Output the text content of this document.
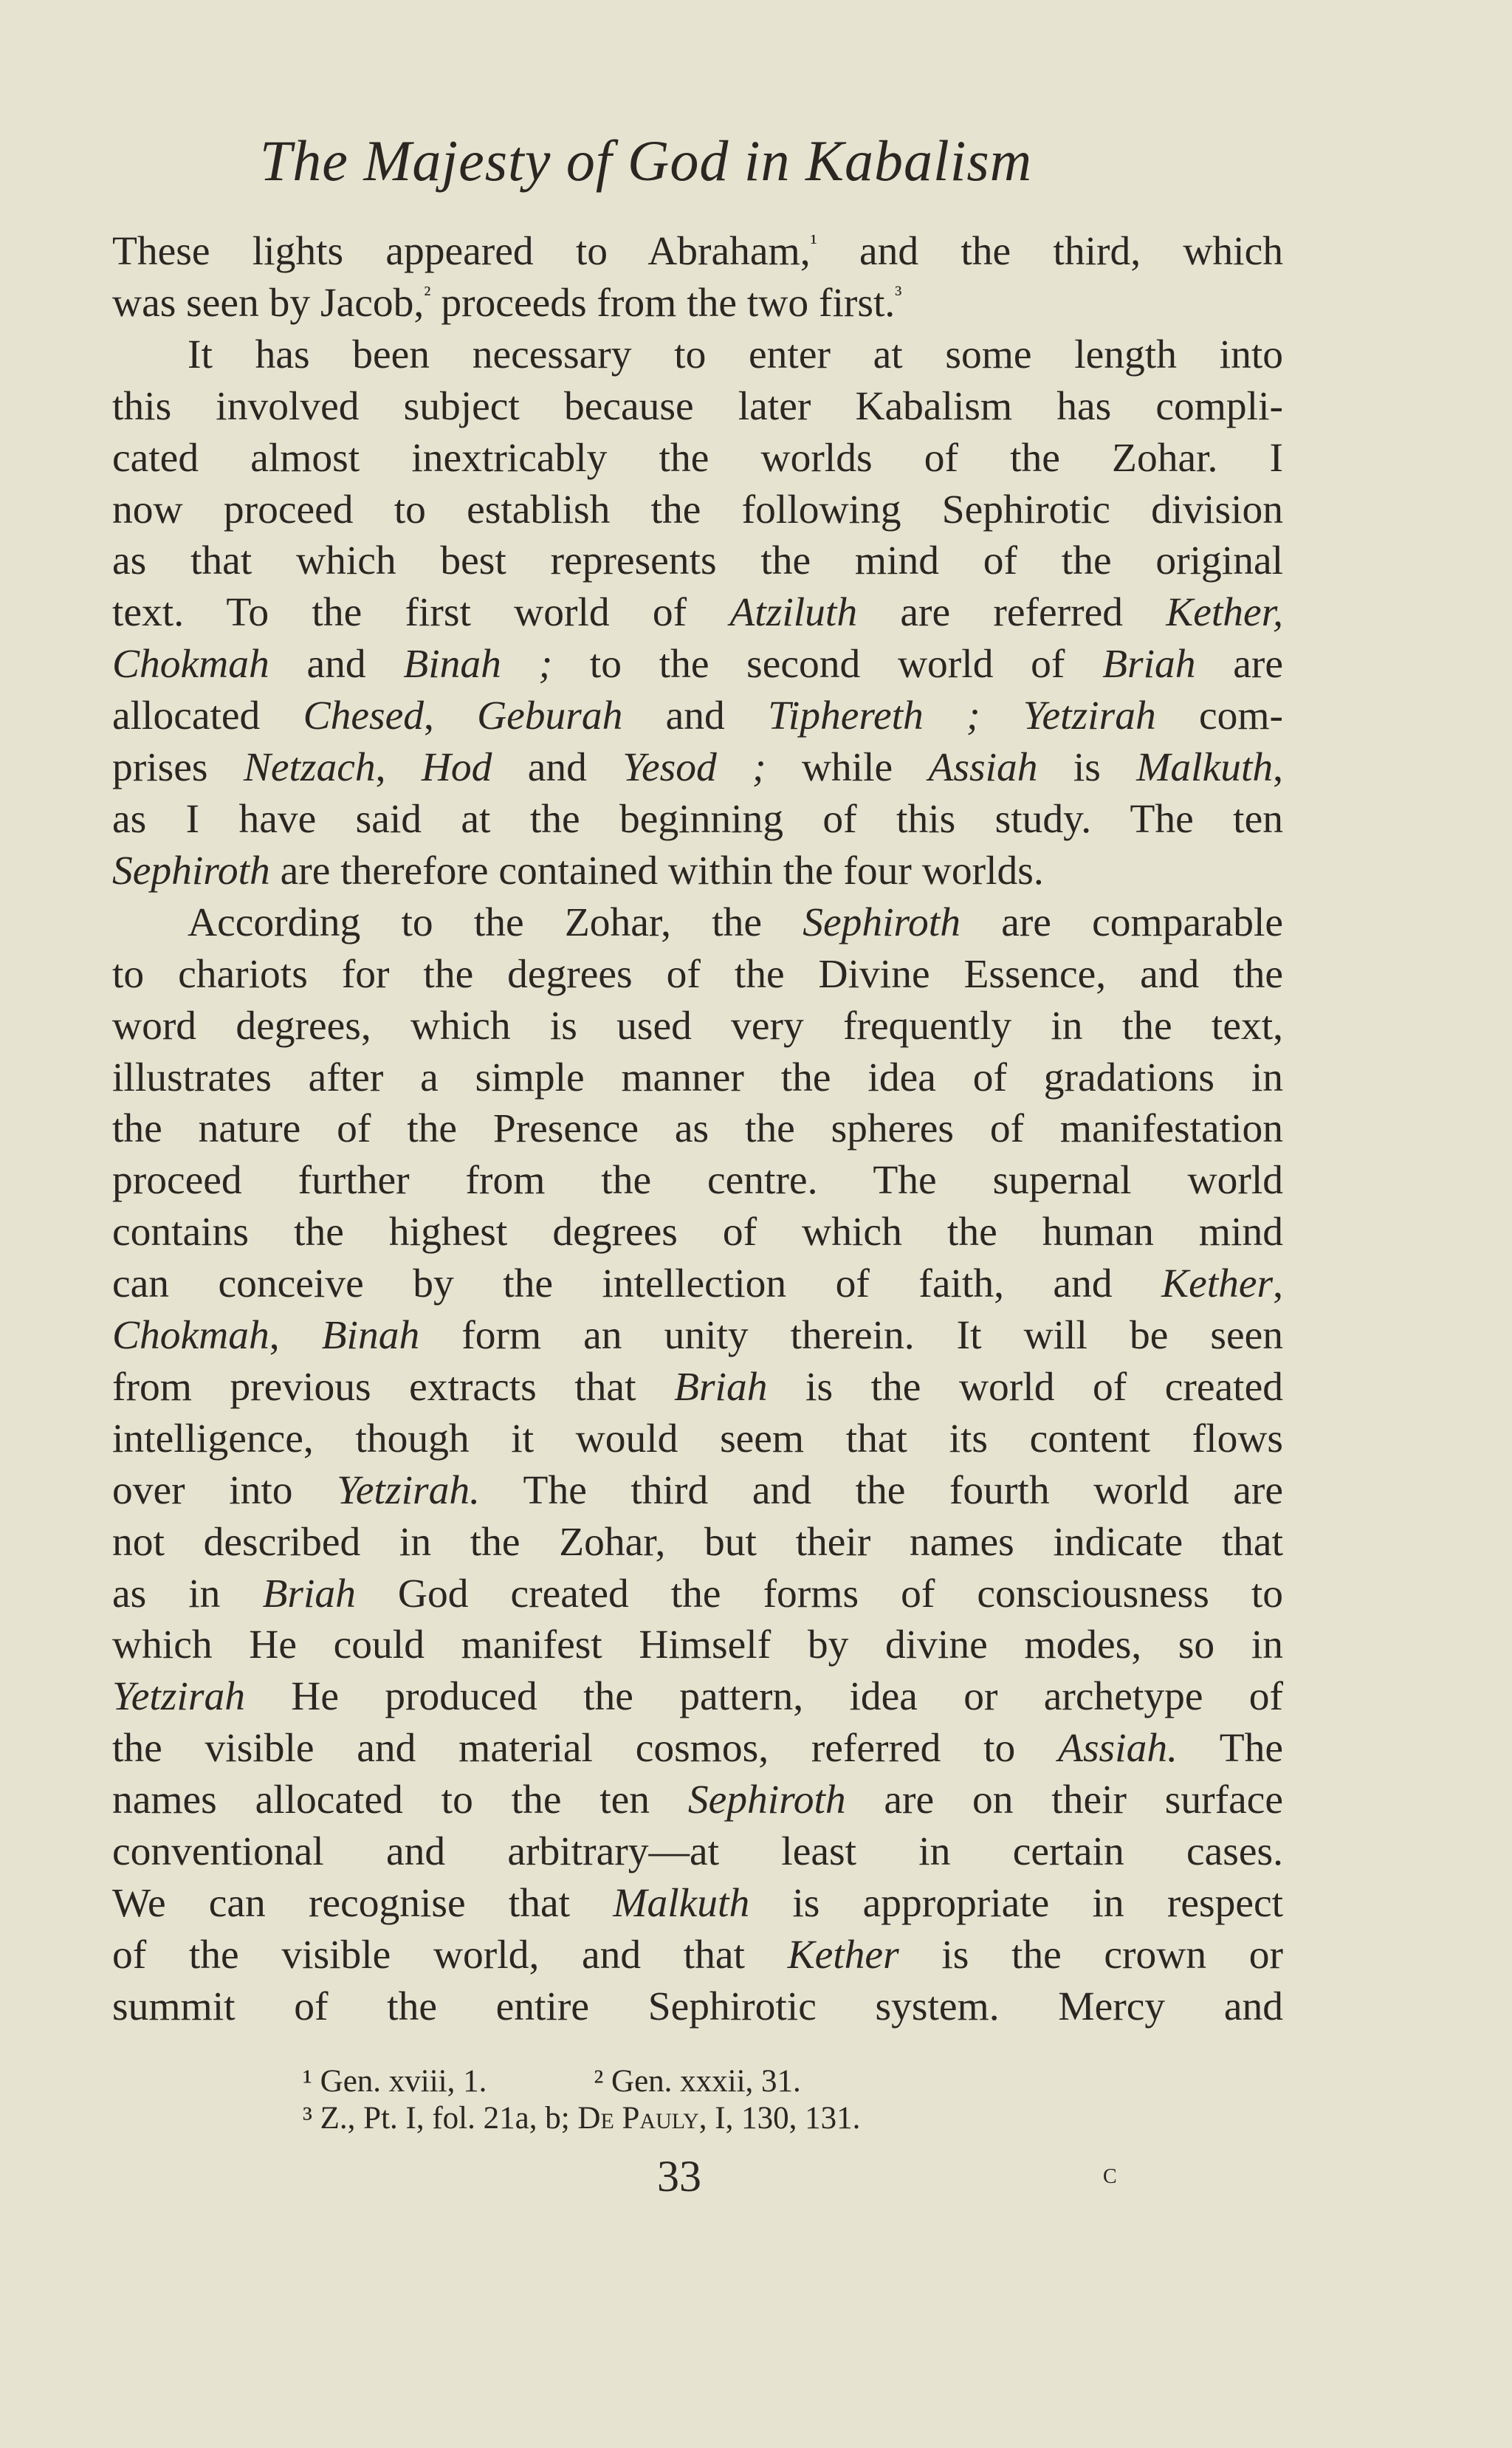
The Majesty of God in Kabalism

These lights appeared to Abraham,$^{^1}$ and the third, which
was seen by Jacob,$^{^2}$ proceeds from the two first.$^{^3}$

It has been necessary to enter at some length into
this involved subject because later Kabalism has compli-
cated almost inextricably the worlds of the Zohar. I
now proceed to establish the following Sephirotic division
as that which best represents the mind of the original
text. To the first world of Atziluth are referred Kether,
Chokmah and Binah ; to the second world of Briah are
allocated Chesed, Geburah and Tiphereth ; Yetzirah com-
prises Netzach, Hod and Yesod ; while Assiah is Malkuth,
as I have said at the beginning of this study. The ten
Sephiroth are therefore contained within the four worlds.

According to the Zohar, the Sephiroth are comparable
to chariots for the degrees of the Divine Essence, and the
word degrees, which is used very frequently in the text,
illustrates after a simple manner the idea of gradations in
the nature of the Presence as the spheres of manifestation
proceed further from the centre. The supernal world
contains the highest degrees of which the human mind
can conceive by the intellection of faith, and Kether,
Chokmah, Binah form an unity therein. It will be seen
from previous extracts that Briah is the world of created
intelligence, though it would seem that its content flows
over into Yetzirah. The third and the fourth world are
not described in the Zohar, but their names indicate that
as in Briah God created the forms of consciousness to
which He could manifest Himself by divine modes, so in
Yetzirah He produced the pattern, idea or archetype of
the visible and material cosmos, referred to Assiah. The
names allocated to the ten Sephiroth are on their surface
conventional and arbitrary—at least in certain cases.
We can recognise that Malkuth is appropriate in respect
of the visible world, and that Kether is the crown or
summit of the entire Sephirotic system. Mercy and

¹ Gen. xviii, 1.	² Gen. xxxii, 31.
³ Z., Pt. I, fol. 21a, b; De Pauly, I, 130, 131.
33	c
